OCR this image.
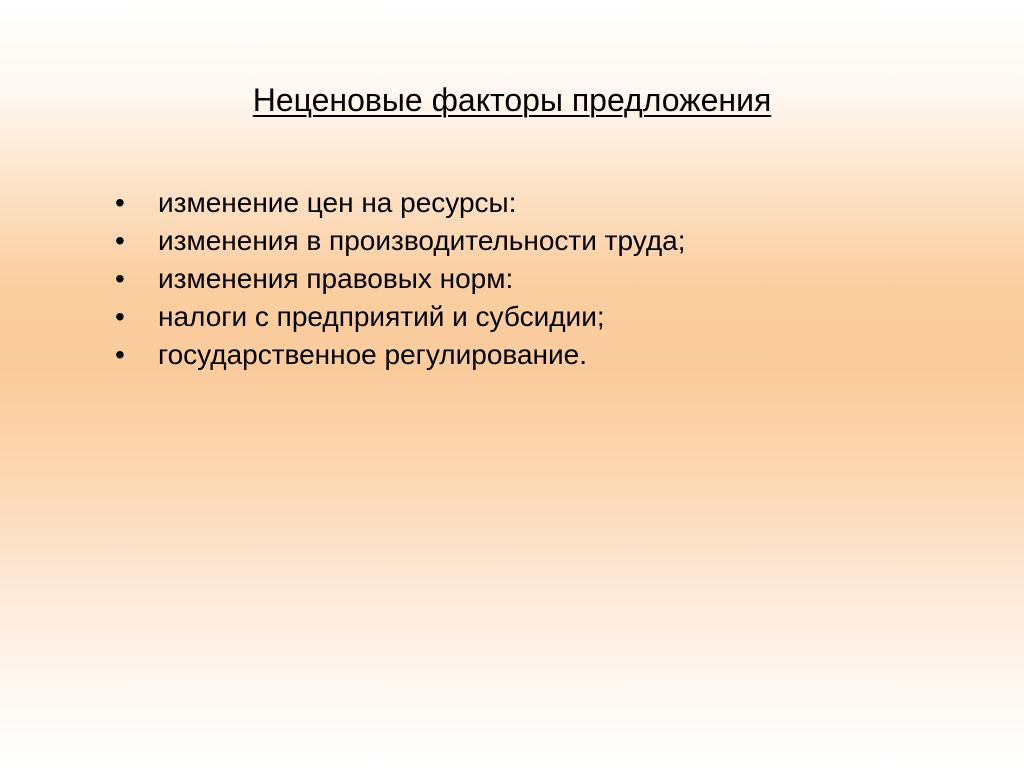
Неценовые факторы предложения
• изменение цен на ресурсы:
• изменения в производительности труда;
• изменения правовых норм:
• налоги с предприятий и субсидии;
• государственное регулирование.
